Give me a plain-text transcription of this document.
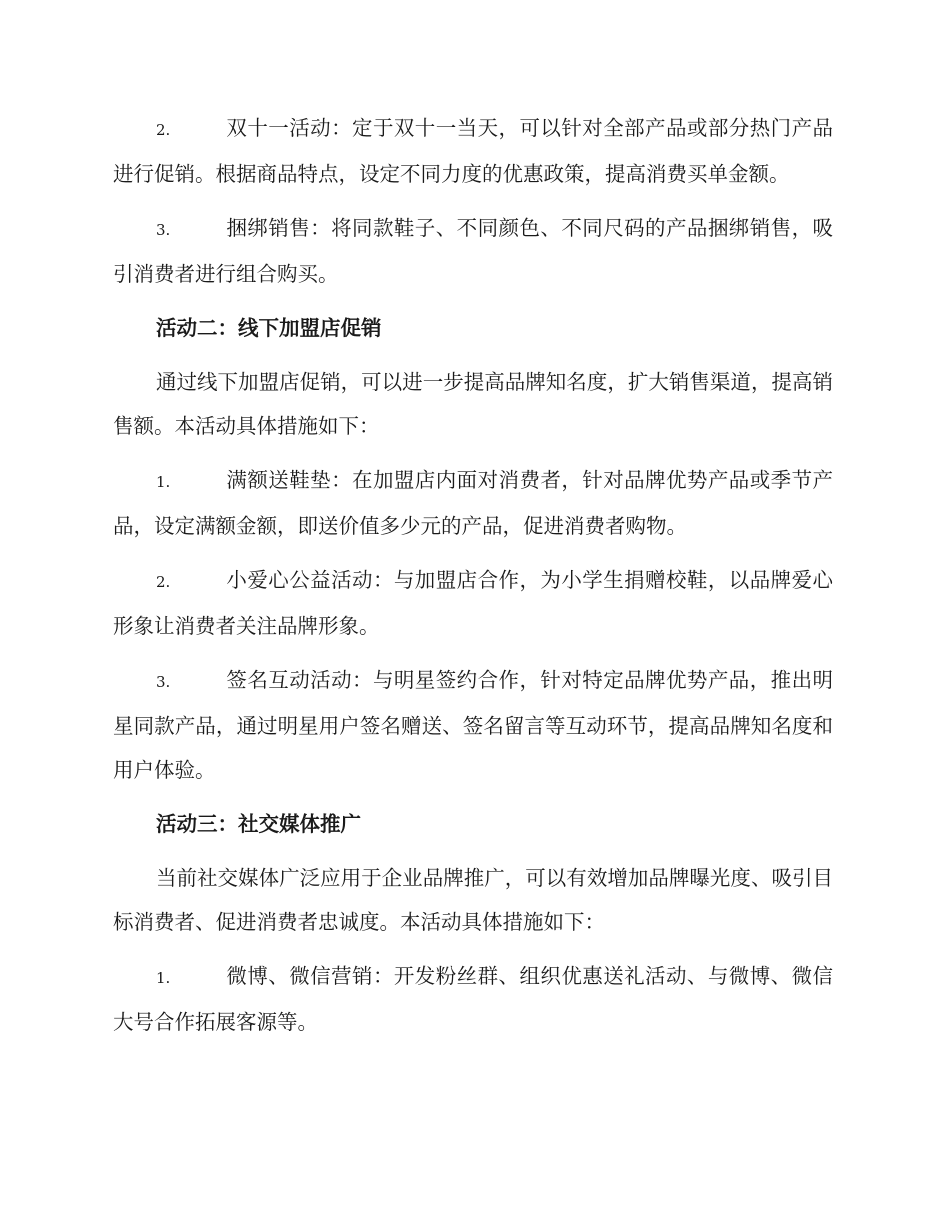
2.	双十一活动：定于双十一当天，可以针对全部产品或部分热门产品进行促销。根据商品特点，设定不同力度的优惠政策，提高消费买单金额。

3.	捆绑销售：将同款鞋子、不同颜色、不同尺码的产品捆绑销售，吸引消费者进行组合购买。

活动二：线下加盟店促销

通过线下加盟店促销，可以进一步提高品牌知名度，扩大销售渠道，提高销售额。本活动具体措施如下：

1.	满额送鞋垫：在加盟店内面对消费者，针对品牌优势产品或季节产品，设定满额金额，即送价值多少元的产品，促进消费者购物。

2.	小爱心公益活动：与加盟店合作，为小学生捐赠校鞋，以品牌爱心形象让消费者关注品牌形象。

3.	签名互动活动：与明星签约合作，针对特定品牌优势产品，推出明星同款产品，通过明星用户签名赠送、签名留言等互动环节，提高品牌知名度和用户体验。

活动三：社交媒体推广

当前社交媒体广泛应用于企业品牌推广，可以有效增加品牌曝光度、吸引目标消费者、促进消费者忠诚度。本活动具体措施如下：

1.	微博、微信营销：开发粉丝群、组织优惠送礼活动、与微博、微信大号合作拓展客源等。
